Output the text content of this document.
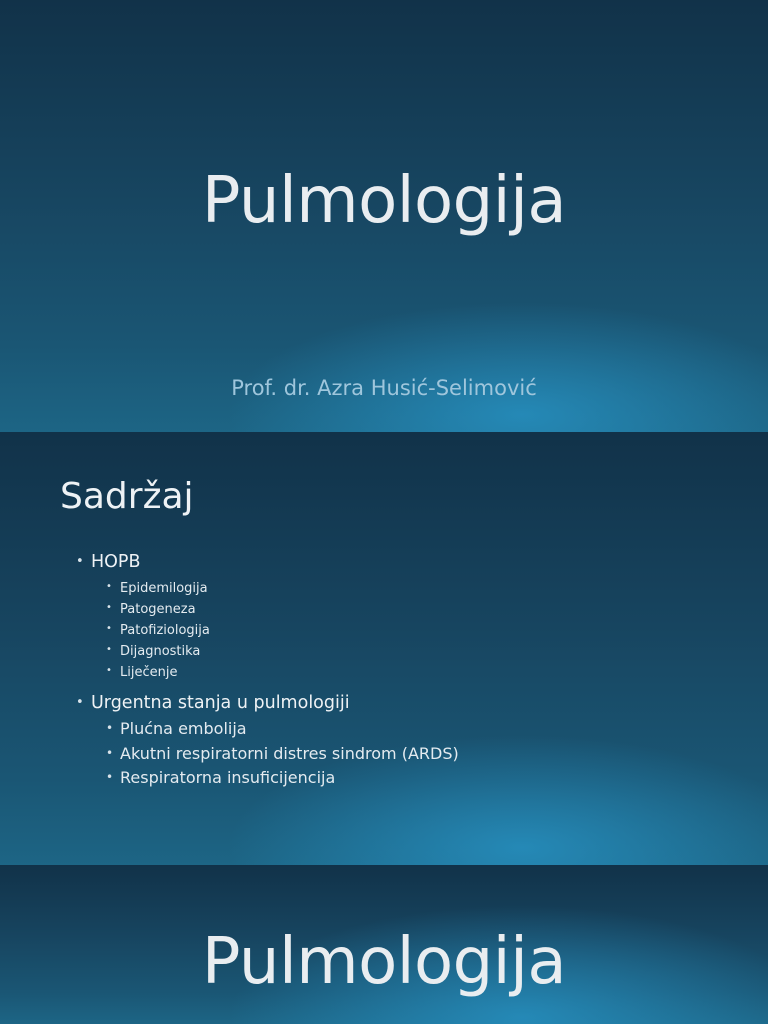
Pulmologija

Prof. dr. Azra Husić-Selimović

Sadržaj
• HOPB
• Epidemilogija
• Patogeneza
• Patofiziologija
• Dijagnostika
• Liječenje
• Urgentna stanja u pulmologiji
• Plućna embolija
• Akutni respiratorni distres sindrom (ARDS)
• Respiratorna insuficijencija
Pulmologija
